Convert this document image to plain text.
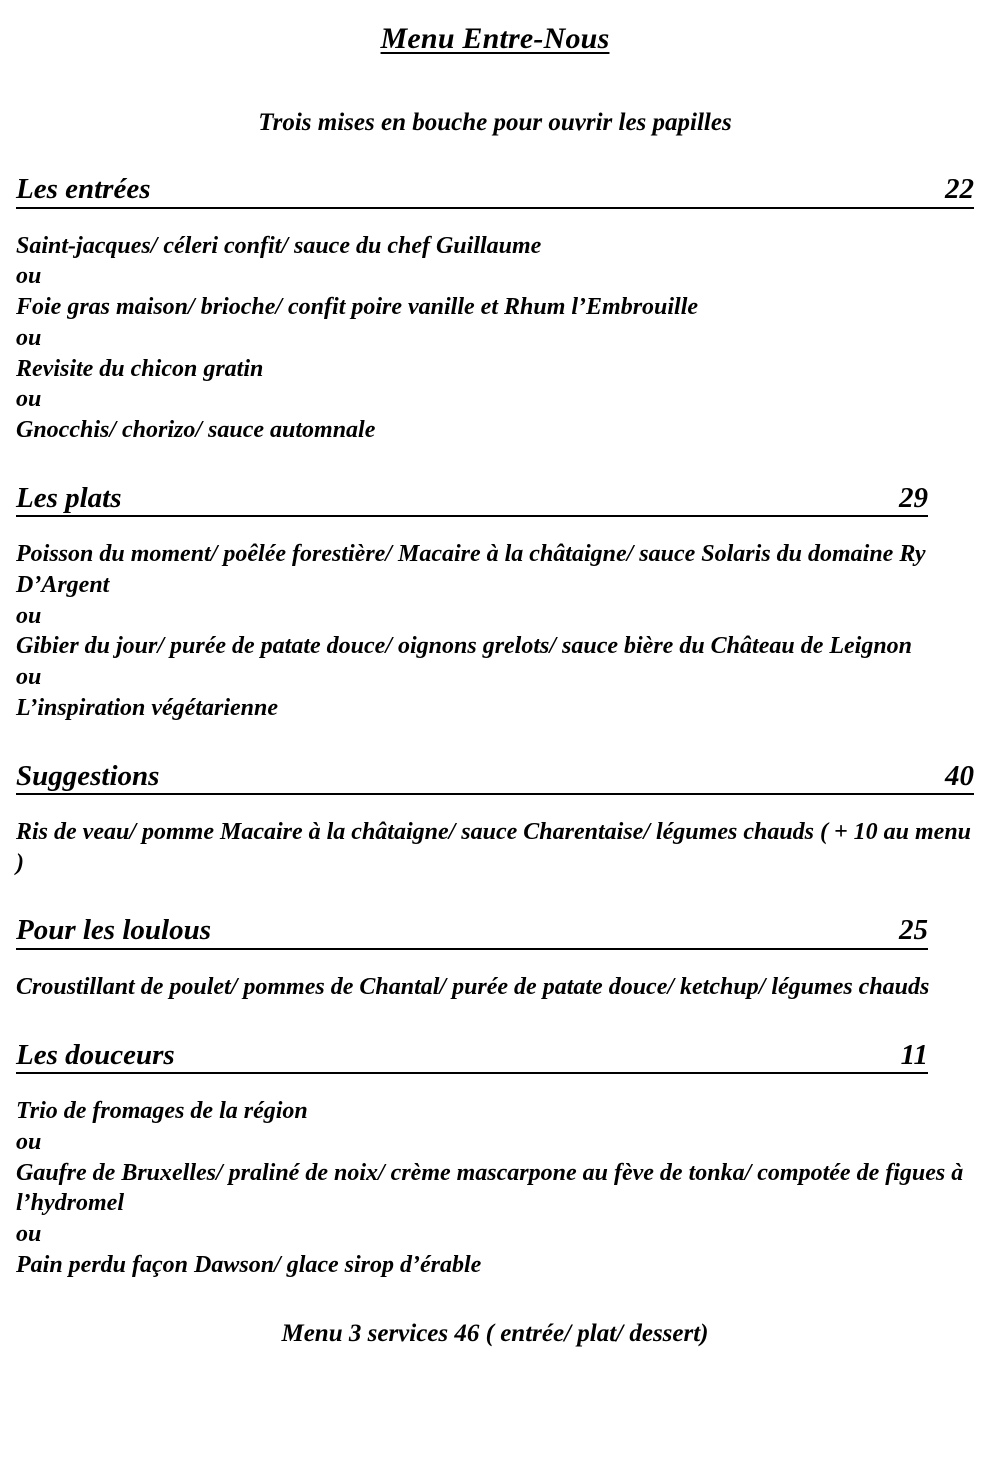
Menu Entre-Nous
Trois mises en bouche pour ouvrir les papilles
Les entrées	22

Saint-jacques/ céleri confit/ sauce du chef Guillaume

ou

Foie gras maison/ brioche/ confit poire vanille et Rhum l’Embrouille

ou

Revisite du chicon gratin

ou

Gnocchis/ chorizo/ sauce automnale

Les plats	29

Poisson du moment/ poêlée forestière/ Macaire à la châtaigne/ sauce Solaris du domaine Ry D’Argent

ou

Gibier du jour/ purée de patate douce/ oignons grelots/ sauce bière du Château de Leignon

ou

L’inspiration végétarienne

Suggestions	40

Ris de veau/ pomme Macaire à la châtaigne/ sauce Charentaise/ légumes chauds ( + 10 au menu )

Pour les loulous	25

Croustillant de poulet/ pommes de Chantal/ purée de patate douce/ ketchup/ légumes chauds

Les douceurs	11

Trio de fromages de la région

ou

Gaufre de Bruxelles/ praliné de noix/ crème mascarpone au fève de tonka/ compotée de figues à l’hydromel

ou

Pain perdu façon Dawson/ glace sirop d’érable

Menu 3 services 46 ( entrée/ plat/ dessert)
